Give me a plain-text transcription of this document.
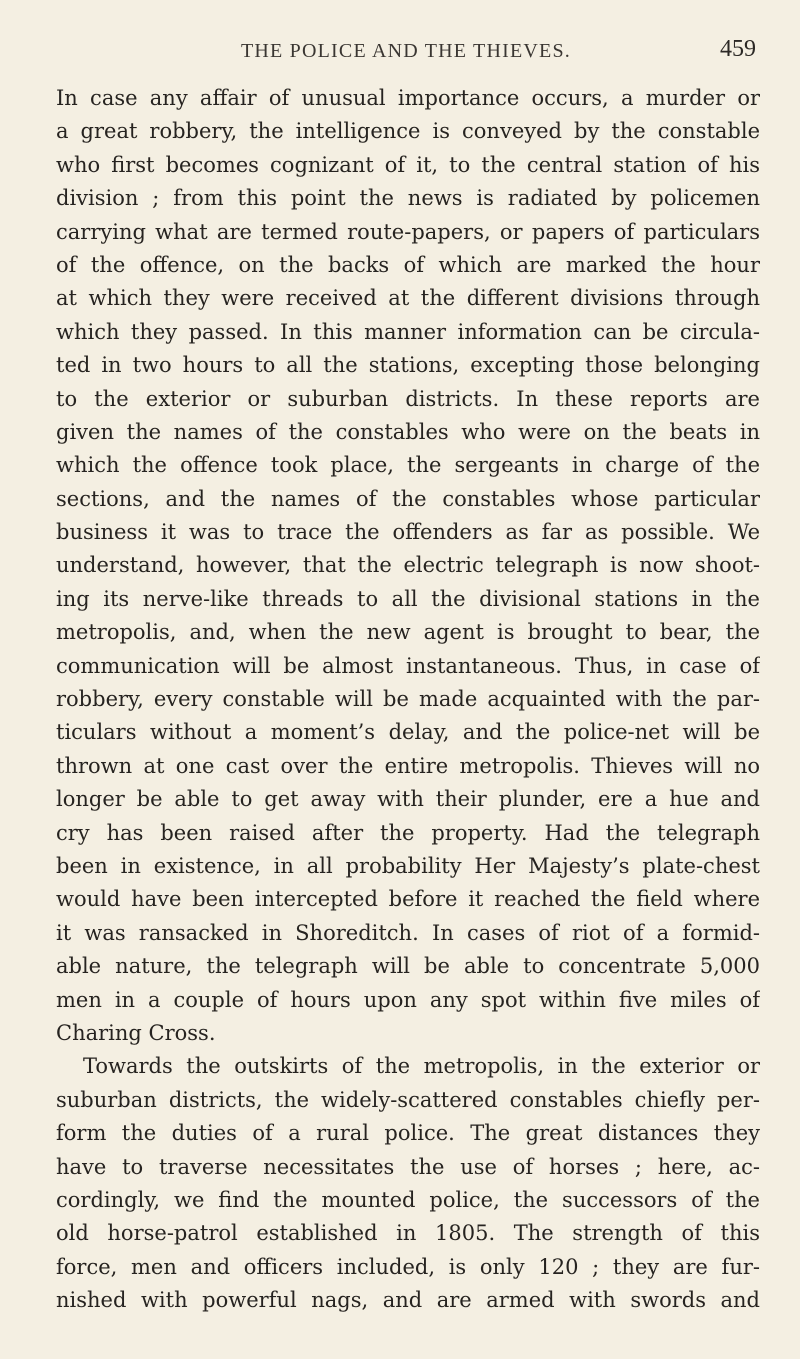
THE POLICE AND THE THIEVES.	459
In case any affair of unusual importance occurs, a murder or
a great robbery, the intelligence is conveyed by the constable
who first becomes cognizant of it, to the central station of his
division ; from this point the news is radiated by policemen
carrying what are termed route-papers, or papers of particulars
of the offence, on the backs of which are marked the hour
at which they were received at the different divisions through
which they passed. In this manner information can be circula-
ted in two hours to all the stations, excepting those belonging
to the exterior or suburban districts. In these reports are
given the names of the constables who were on the beats in
which the offence took place, the sergeants in charge of the
sections, and the names of the constables whose particular
business it was to trace the offenders as far as possible. We
understand, however, that the electric telegraph is now shoot-
ing its nerve-like threads to all the divisional stations in the
metropolis, and, when the new agent is brought to bear, the
communication will be almost instantaneous. Thus, in case of
robbery, every constable will be made acquainted with the par-
ticulars without a moment’s delay, and the police-net will be
thrown at one cast over the entire metropolis. Thieves will no
longer be able to get away with their plunder, ere a hue and
cry has been raised after the property. Had the telegraph
been in existence, in all probability Her Majesty’s plate-chest
would have been intercepted before it reached the field where
it was ransacked in Shoreditch. In cases of riot of a formid-
able nature, the telegraph will be able to concentrate 5,000
men in a couple of hours upon any spot within five miles of
Charing Cross.
Towards the outskirts of the metropolis, in the exterior or
suburban districts, the widely-scattered constables chiefly per-
form the duties of a rural police. The great distances they
have to traverse necessitates the use of horses ; here, ac-
cordingly, we find the mounted police, the successors of the
old horse-patrol established in 1805. The strength of this
force, men and officers included, is only 120 ; they are fur-
nished with powerful nags, and are armed with swords and
